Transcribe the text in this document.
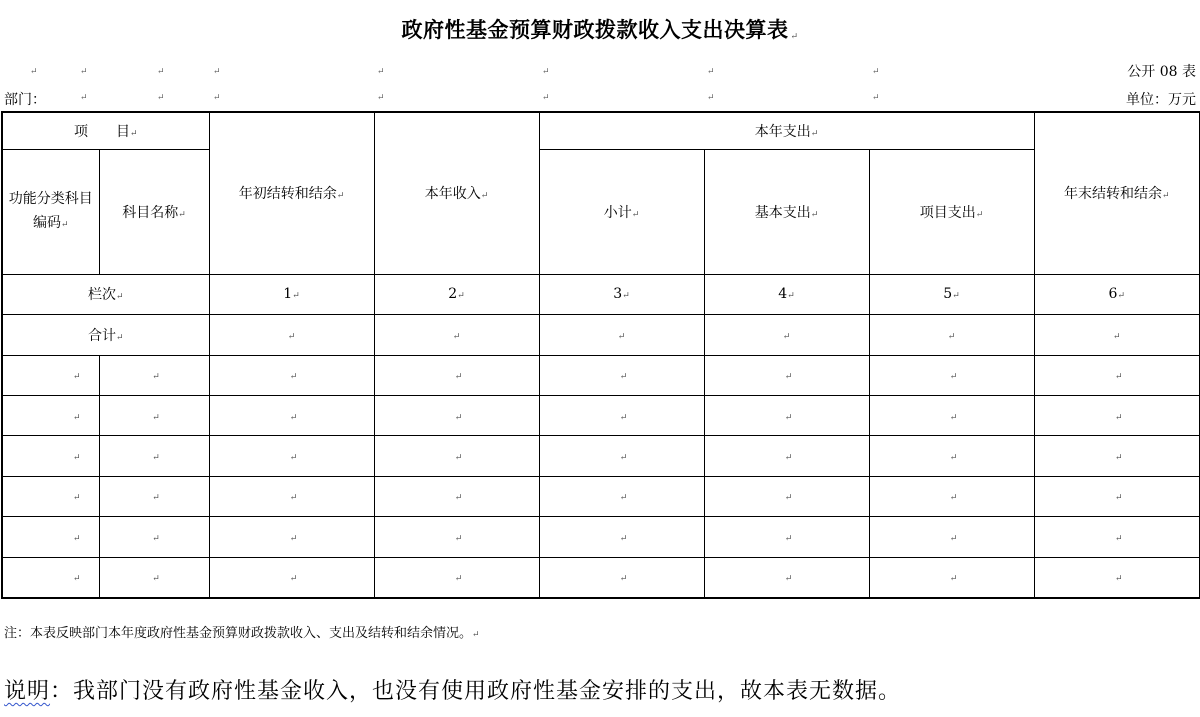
政府性基金预算财政拨款收入支出决算表 ↵
↵	↵	↵	↵	↵	↵	↵	↵
↵	↵	↵	↵	↵	↵	↵
公开 08 表
部门：	单位：万元
项　　目↵		年初结转和结余↵	本年收入↵	本年支出↵			年末结转和结余↵
功能分类科目编码↵	科目名称↵			小计↵	基本支出↵	项目支出↵	
栏次↵		1↵	2↵	3↵	4↵	5↵	6↵
合计↵		↵	↵	↵	↵	↵	↵
↵	↵	↵	↵	↵	↵	↵	↵
↵	↵	↵	↵	↵	↵	↵	↵
↵	↵	↵	↵	↵	↵	↵	↵
↵	↵	↵	↵	↵	↵	↵	↵
↵	↵	↵	↵	↵	↵	↵	↵
↵	↵	↵	↵	↵	↵	↵	↵
注：本表反映部门本年度政府性基金预算财政拨款收入、支出及结转和结余情况。↵
说明：我部门没有政府性基金收入，也没有使用政府性基金安排的支出，故本表无数据。
